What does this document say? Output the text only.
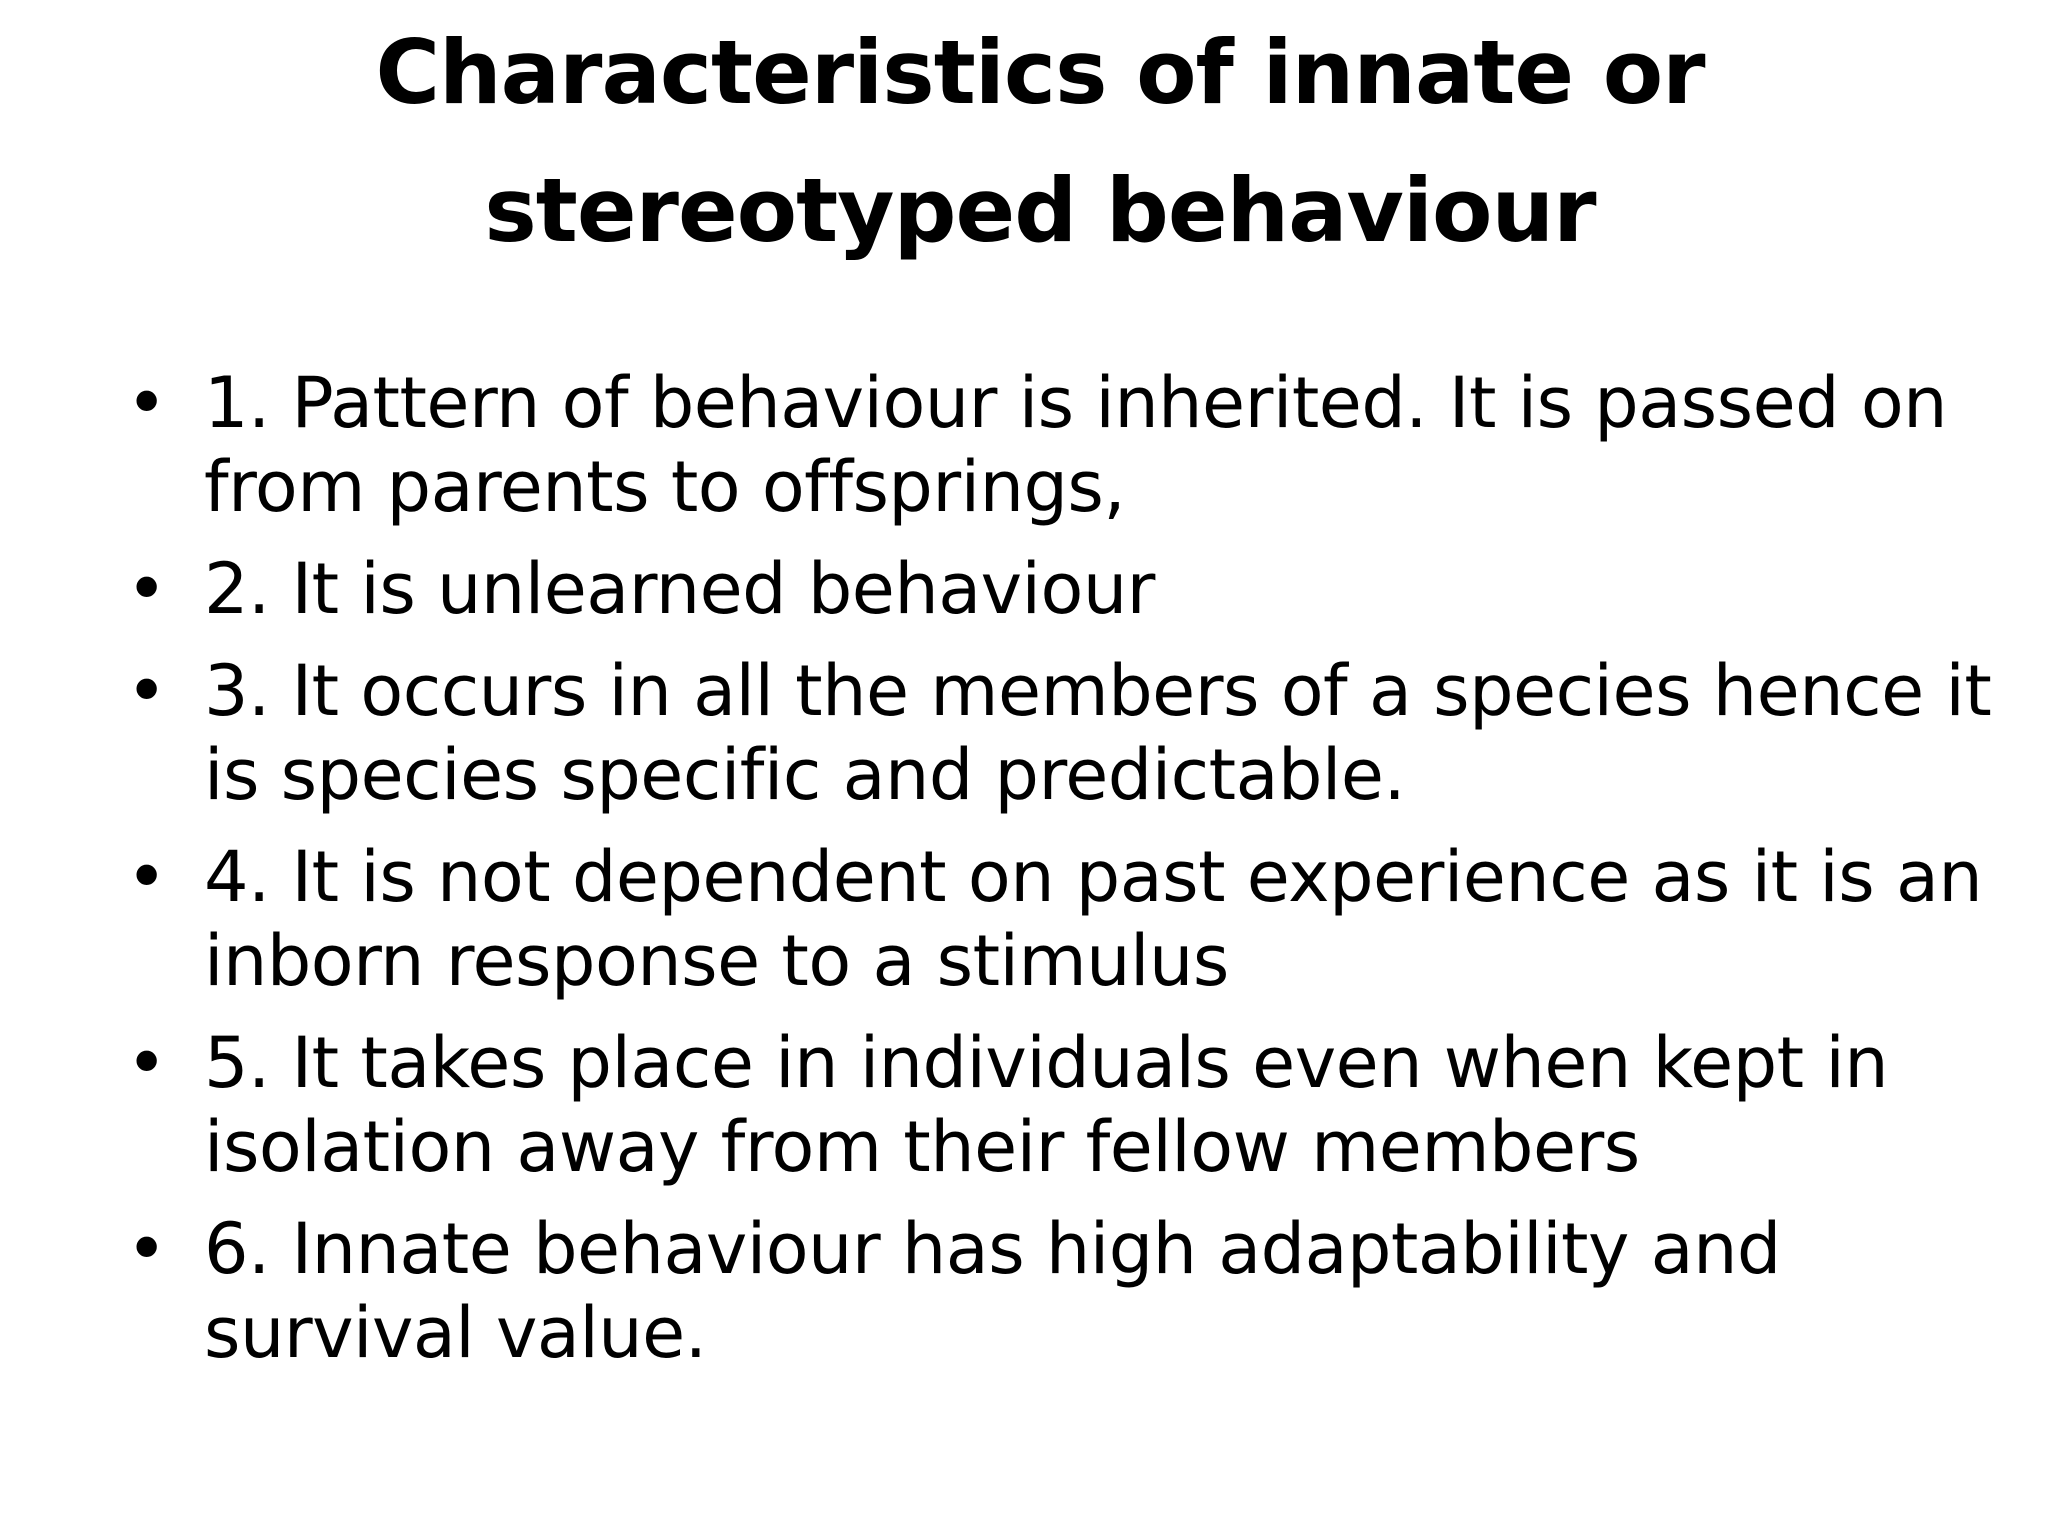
Characteristics of innate or
stereotyped behaviour
• 1. Pattern of behaviour is inherited. It is passed on from parents to offsprings,
• 2. It is unlearned behaviour
• 3. It occurs in all the members of a species hence it is species specific and predictable.
• 4. It is not dependent on past experience as it is an inborn response to a stimulus
• 5. It takes place in individuals even when kept in isolation away from their fellow members
• 6. Innate behaviour has high adaptability and survival value.
